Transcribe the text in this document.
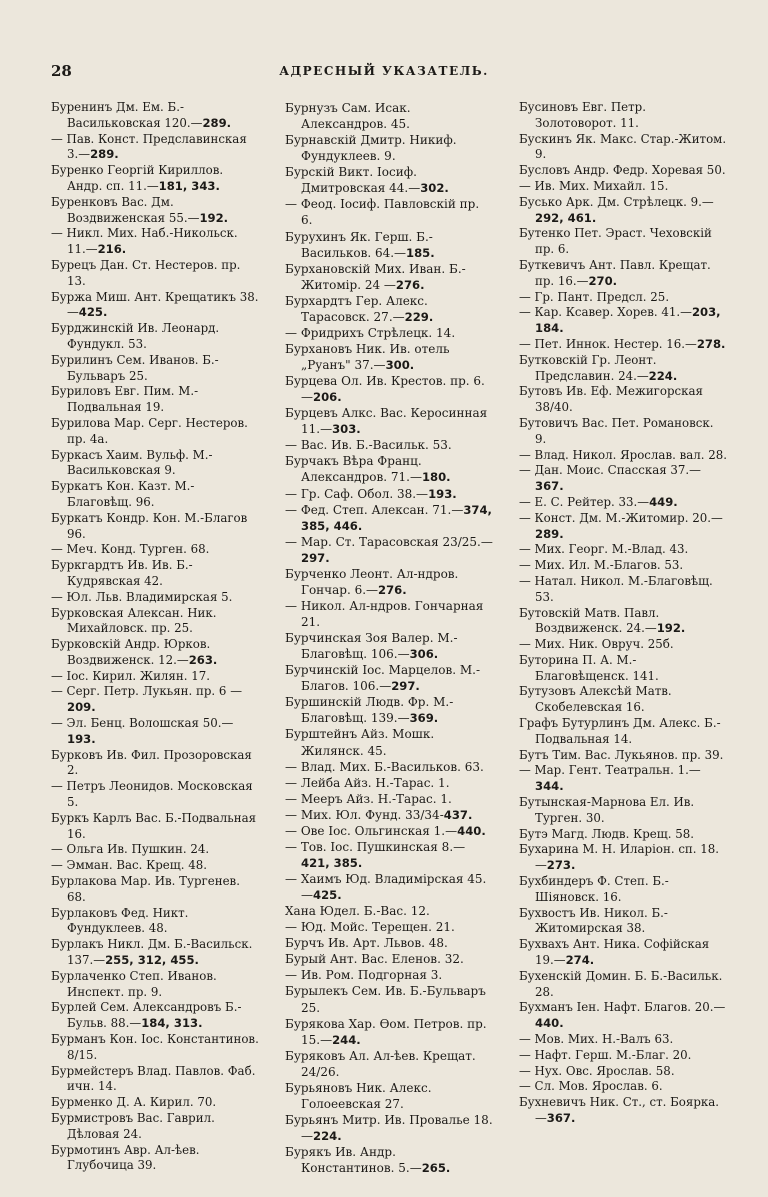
28	АДРЕСНЫЙ УКАЗАТЕЛЬ.

Буренинъ Дм. Ем. Б.-Васильковская 120.—289.

— Пав. Конст. Предславинская 3.—289.

Буренко Георгій Кириллов. Андр. сп. 11.—181, 343.

Буренковъ Вас. Дм. Воздвиженская 55.—192.

— Никл. Мих. Наб.-Никольск. 11.—216.

Бурецъ Дан. Ст. Нестеров. пр. 13.

Буржа Миш. Ант. Крещатикъ 38.—425.

Бурджинскій Ив. Леонард. Фундукл. 53.

Бурилинъ Сем. Иванов. Б.-Бульваръ 25.

Буриловъ Евг. Пим. М.-Подвальная 19.

Бурилова Мар. Серг. Нестеров. пр. 4а.

Буркасъ Хаим. Вульф. М.-Васильковская 9.

Буркатъ Кон. Казт. М.-Благовѣщ. 96.

Буркатъ Кондр. Кон. М.-Благов 96.

— Меч. Конд. Турген. 68.

Буркгардтъ Ив. Ив. Б.-Кудрявская 42.

— Юл. Льв. Владимирская 5.

Бурковская Алексан. Ник. Михайловск. пр. 25.

Бурковскій Андр. Юрков. Воздвиженск. 12.—263.

— Іос. Кирил. Жилян. 17.

— Серг. Петр. Лукьян. пр. 6 —209.

— Эл. Бенц. Волошская 50.—193.

Бурковъ Ив. Фил. Прозоровская 2.

— Петръ Леонидов. Московская 5.

Буркъ Карлъ Вас. Б.-Подвальная 16.

— Ольга Ив. Пушкин. 24.

— Эмман. Вас. Крещ. 48.

Бурлакова Мар. Ив. Тургенев. 68.

Бурлаковъ Фед. Никт. Фундуклеев. 48.

Бурлакъ Никл. Дм. Б.-Васильск. 137.—255, 312, 455.

Бурлаченко Степ. Иванов. Инспект. пр. 9.

Бурлей Сем. Александровъ Б.-Бульв. 88.—184, 313.

Бурманъ Кон. Іос. Константинов. 8/15.

Бурмейстеръ Влад. Павлов. Фаб. ичн. 14.

Бурменко Д. А. Кирил. 70.

Бурмистровъ Вас. Гаврил. Дѣловая 24.

Бурмотинъ Авр. Ал-ѣев. Глубочица 39.

Бурнузъ Сам. Исак. Александров. 45.

Бурнавскій Дмитр. Никиф. Фундуклеев. 9.

Бурскій Викт. Іосиф. Дмитровская 44.—302.

— Феод. Іосиф. Павловскій пр. 6.

Бурухинъ Як. Герш. Б.-Васильков. 64.—185.

Бурхановскій Мих. Иван. Б.-Житомір. 24 —276.

Бурхардтъ Гер. Алекс. Тарасовск. 27.—229.

— Фридрихъ Стрѣлецк. 14.

Бурхановъ Ник. Ив. отель „Руанъ" 37.—300.

Бурцева Ол. Ив. Крестов. пр. 6.—206.

Бурцевъ Алкс. Вас. Керосинная 11.—303.

— Вас. Ив. Б.-Васильк. 53.

Бурчакъ Вѣра Франц. Александров. 71.—180.

— Гр. Саф. Обол. 38.—193.

— Фед. Степ. Алексан. 71.—374, 385, 446.

— Мар. Ст. Тарасовская 23/25.—297.

Бурченко Леонт. Ал-ндров. Гончар. 6.—276.

— Никол. Ал-ндров. Гончарная 21.

Бурчинская Зоя Валер. М.-Благовѣщ. 106.—306.

Бурчинскій Іос. Марцелов. М.-Благов. 106.—297.

Буршинскій Людв. Фр. М.-Благовѣщ. 139.—369.

Бурштейнъ Айз. Мошк. Жилянск. 45.

— Влад. Мих. Б.-Васильков. 63.

— Лейба Айз. Н.-Тарас. 1.

— Мееръ Айз. Н.-Тарас. 1.

— Мих. Юл. Фунд. 33/34-437.

— Ове Іос. Ольгинская 1.—440.

— Тов. Іос. Пушкинская 8.—421, 385.

— Хаимъ Юд. Владимірская 45.—425.

Хана Юдел. Б.-Вас. 12.

— Юд. Мойс. Терещен. 21.

Бурчъ Ив. Арт. Львов. 48.

Бурый Ант. Вас. Еленов. 32.

— Ив. Ром. Подгорная 3.

Бурылекъ Сем. Ив. Б.-Бульваръ 25.

Бурякова Хар. Ѳом. Петров. пр. 15.—244.

Буряковъ Ал. Ал-ѣев. Крещат. 24/26.

Бурьяновъ Ник. Алекс. Голоеевская 27.

Бурьянъ Митр. Ив. Провалье 18.—224.

Бурякъ Ив. Андр. Константинов. 5.—265.

Бусиновъ Евг. Петр. Золотоворот. 11.

Бускинъ Як. Макс. Стар.-Житом. 9.

Бусловъ Андр. Федр. Хоревая 50.

— Ив. Мих. Михайл. 15.

Бусько Арк. Дм. Стрѣлецк. 9.—292, 461.

Бутенко Пет. Эраст. Чеховскій пр. 6.

Буткевичъ Ант. Павл. Крещат. пр. 16.—270.

— Гр. Пант. Предсл. 25.

— Кар. Ксавер. Хорев. 41.—203, 184.

— Пет. Иннок. Нестер. 16.—278.

Бутковскій Гр. Леонт. Предславин. 24.—224.

Бутовъ Ив. Еф. Межигорская 38/40.

Бутовичъ Вас. Пет. Романовск. 9.

— Влад. Никол. Ярослав. вал. 28.

— Дан. Моис. Спасская 37.—367.

— Е. С. Рейтер. 33.—449.

— Конст. Дм. М.-Житомир. 20.—289.

— Мих. Георг. М.-Влад. 43.

— Мих. Ил. М.-Благов. 53.

— Натал. Никол. М.-Благовѣщ. 53.

Бутовскій Матв. Павл. Воздвиженск. 24.—192.

— Мих. Ник. Овруч. 25б.

Буторина П. А. М.-Благовѣщенск. 141.

Бутузовъ Алексѣй Матв. Скобелевская 16.

Графъ Бутурлинъ Дм. Алекс. Б.-Подвальная 14.

Бутъ Тим. Вас. Лукьянов. пр. 39.

— Мар. Гент. Театральн. 1.—344.

Бутынская-Марнова Ел. Ив. Турген. 30.

Бутэ Магд. Людв. Крещ. 58.

Бухарина М. Н. Иларіон. сп. 18.—273.

Бухбиндеръ Ф. Степ. Б.-Шіяновск. 16.

Бухвостъ Ив. Никол. Б.-Житомирская 38.

Бухвахъ Ант. Ника. Софійская 19.—274.

Бухенскій Домин. Б. Б.-Васильк. 28.

Бухманъ Іен. Нафт. Благов. 20.—440.

— Мов. Мих. Н.-Валъ 63.

— Нафт. Герш. М.-Благ. 20.

— Нух. Овс. Ярослав. 58.

— Сл. Мов. Ярослав. 6.

Бухневичъ Ник. Ст., ст. Боярка.—367.
